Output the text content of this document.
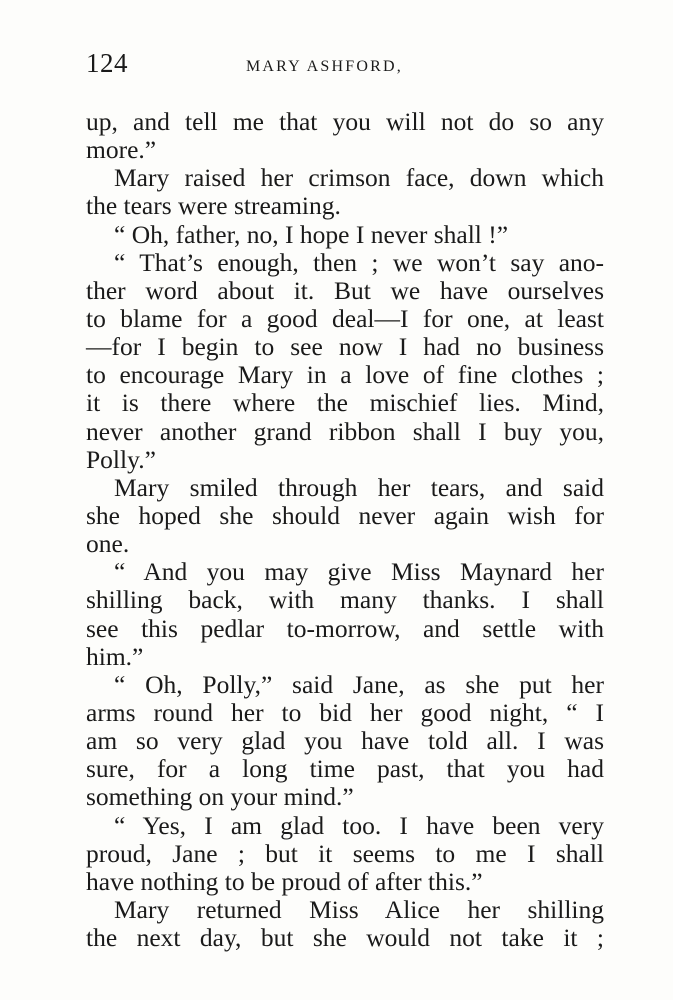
124	MARY ASHFORD,
up, and tell me that you will not do so any
more.”
Mary raised her crimson face, down which
the tears were streaming.
“ Oh, father, no, I hope I never shall !”
“ That’s enough, then ; we won’t say ano-
ther word about it. But we have ourselves
to blame for a good deal—I for one, at least
—for I begin to see now I had no business
to encourage Mary in a love of fine clothes ;
it is there where the mischief lies. Mind,
never another grand ribbon shall I buy you,
Polly.”
Mary smiled through her tears, and said
she hoped she should never again wish for
one.
“ And you may give Miss Maynard her
shilling back, with many thanks. I shall
see this pedlar to-morrow, and settle with
him.”
“ Oh, Polly,” said Jane, as she put her
arms round her to bid her good night, “ I
am so very glad you have told all. I was
sure, for a long time past, that you had
something on your mind.”
“ Yes, I am glad too. I have been very
proud, Jane ; but it seems to me I shall
have nothing to be proud of after this.”
Mary returned Miss Alice her shilling
the next day, but she would not take it ;
